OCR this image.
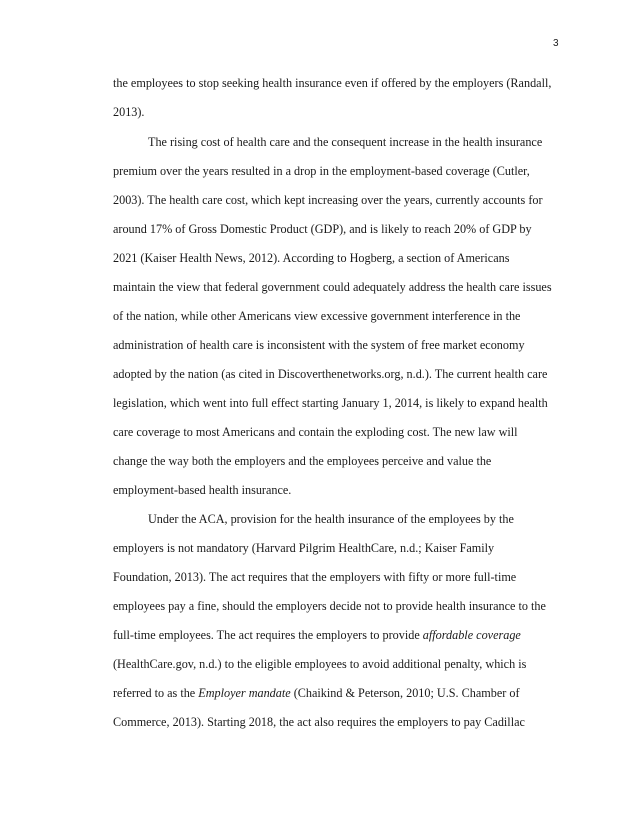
3
the employees to stop seeking health insurance even if offered by the employers (Randall,
2013).
The rising cost of health care and the consequent increase in the health insurance
premium over the years resulted in a drop in the employment-based coverage (Cutler,
2003). The health care cost, which kept increasing over the years, currently accounts for
around 17% of Gross Domestic Product (GDP), and is likely to reach 20% of GDP by
2021 (Kaiser Health News, 2012). According to Hogberg, a section of Americans
maintain the view that federal government could adequately address the health care issues
of the nation, while other Americans view excessive government interference in the
administration of health care is inconsistent with the system of free market economy
adopted by the nation (as cited in Discoverthenetworks.org, n.d.). The current health care
legislation, which went into full effect starting January 1, 2014, is likely to expand health
care coverage to most Americans and contain the exploding cost. The new law will
change the way both the employers and the employees perceive and value the
employment-based health insurance.
Under the ACA, provision for the health insurance of the employees by the
employers is not mandatory (Harvard Pilgrim HealthCare, n.d.; Kaiser Family
Foundation, 2013). The act requires that the employers with fifty or more full-time
employees pay a fine, should the employers decide not to provide health insurance to the
full-time employees. The act requires the employers to provide affordable coverage
(HealthCare.gov, n.d.) to the eligible employees to avoid additional penalty, which is
referred to as the Employer mandate (Chaikind & Peterson, 2010; U.S. Chamber of
Commerce, 2013). Starting 2018, the act also requires the employers to pay Cadillac
